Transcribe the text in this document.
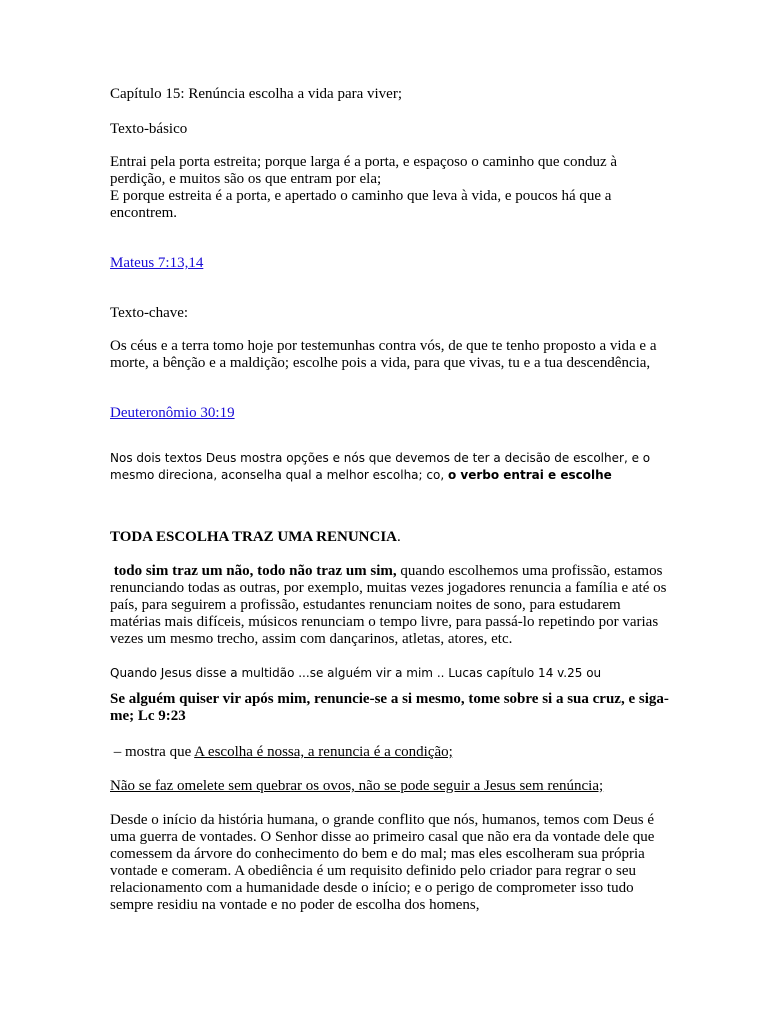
Capítulo 15: Renúncia escolha a vida para viver;

Texto-básico

Entrai pela porta estreita; porque larga é a porta, e espaçoso o caminho que conduz à perdição, e muitos são os que entram por ela;
E porque estreita é a porta, e apertado o caminho que leva à vida, e poucos há que a encontrem.

Mateus 7:13,14

Texto-chave:

Os céus e a terra tomo hoje por testemunhas contra vós, de que te tenho proposto a vida e a morte, a bênção e a maldição; escolhe pois a vida, para que vivas, tu e a tua descendência,

Deuteronômio 30:19

Nos dois textos Deus mostra opções e nós que devemos de ter a decisão de escolher, e o mesmo direciona, aconselha qual a melhor escolha; co, o verbo entrai e escolhe

TODA ESCOLHA TRAZ UMA RENUNCIA.

todo sim traz um não, todo não traz um sim, quando escolhemos uma profissão, estamos renunciando todas as outras, por exemplo, muitas vezes jogadores renuncia a família e até os país, para seguirem a profissão, estudantes renunciam noites de sono, para estudarem matérias mais difíceis, músicos renunciam o tempo livre, para passá-lo repetindo por varias vezes um mesmo trecho, assim com dançarinos, atletas, atores, etc.

Quando Jesus disse a multidão ...se alguém vir a mim .. Lucas capítulo 14 v.25 ou

Se alguém quiser vir após mim, renuncie-se a si mesmo, tome sobre si a sua cruz, e siga-me; Lc 9:23

– mostra que A escolha é nossa, a renuncia é a condição;

Não se faz omelete sem quebrar os ovos, não se pode seguir a Jesus sem renúncia;

Desde o início da história humana, o grande conflito que nós, humanos, temos com Deus é uma guerra de vontades. O Senhor disse ao primeiro casal que não era da vontade dele que comessem da árvore do conhecimento do bem e do mal; mas eles escolheram sua própria vontade e comeram. A obediência é um requisito definido pelo criador para regrar o seu relacionamento com a humanidade desde o início; e o perigo de comprometer isso tudo sempre residiu na vontade e no poder de escolha dos homens,
